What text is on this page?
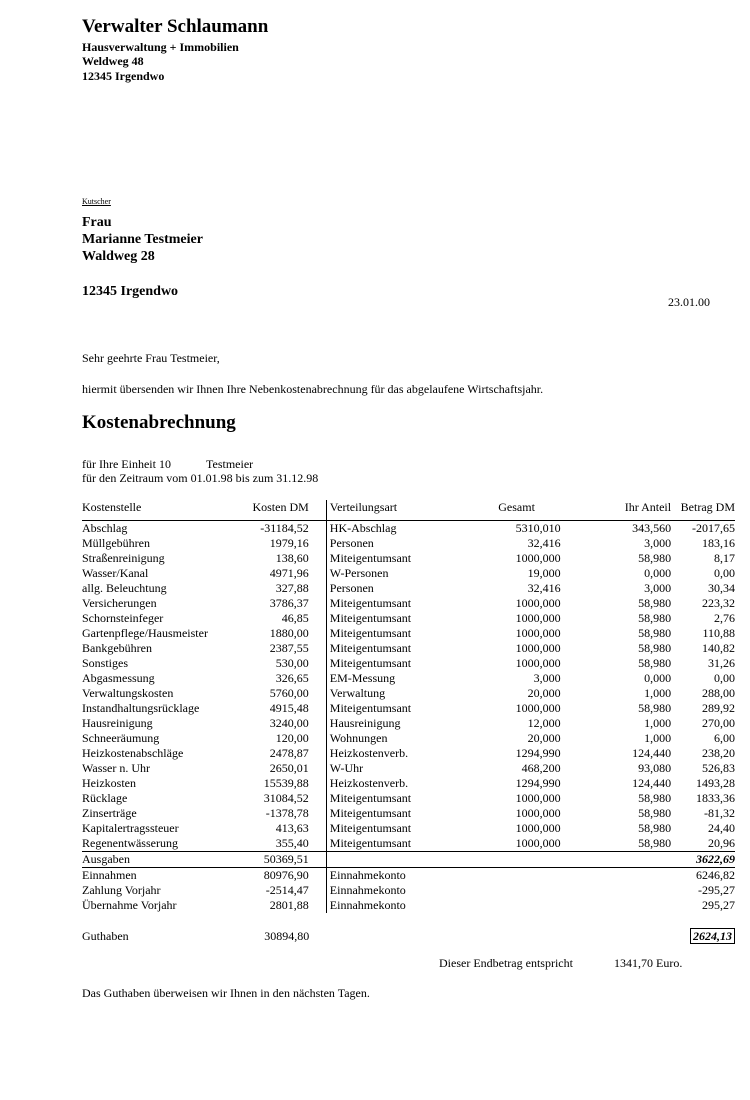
Verwalter Schlaumann
Hausverwaltung + Immobilien
Weldweg 48
12345 Irgendwo
Kutscher
Frau
Marianne Testmeier
Waldweg 28
12345 Irgendwo
23.01.00
Sehr geehrte Frau Testmeier,
hiermit übersenden wir Ihnen Ihre Nebenkostenabrechnung für das abgelaufene Wirtschaftsjahr.
Kostenabrechnung
für Ihre Einheit 10	Testmeier
für den Zeitraum vom 01.01.98 bis zum 31.12.98
Kostenstelle	Kosten DM	Verteilungsart	Gesamt	Ihr Anteil	Betrag DM
Abschlag	-31184,52	HK-Abschlag	5310,010	343,560	-2017,65
Müllgebühren	1979,16	Personen	32,416	3,000	183,16
Straßenreinigung	138,60	Miteigentumsant	1000,000	58,980	8,17
Wasser/Kanal	4971,96	W-Personen	19,000	0,000	0,00
allg. Beleuchtung	327,88	Personen	32,416	3,000	30,34
Versicherungen	3786,37	Miteigentumsant	1000,000	58,980	223,32
Schornsteinfeger	46,85	Miteigentumsant	1000,000	58,980	2,76
Gartenpflege/Hausmeister	1880,00	Miteigentumsant	1000,000	58,980	110,88
Bankgebühren	2387,55	Miteigentumsant	1000,000	58,980	140,82
Sonstiges	530,00	Miteigentumsant	1000,000	58,980	31,26
Abgasmessung	326,65	EM-Messung	3,000	0,000	0,00
Verwaltungskosten	5760,00	Verwaltung	20,000	1,000	288,00
Instandhaltungsrücklage	4915,48	Miteigentumsant	1000,000	58,980	289,92
Hausreinigung	3240,00	Hausreinigung	12,000	1,000	270,00
Schneeräumung	120,00	Wohnungen	20,000	1,000	6,00
Heizkostenabschläge	2478,87	Heizkostenverb.	1294,990	124,440	238,20
Wasser n. Uhr	2650,01	W-Uhr	468,200	93,080	526,83
Heizkosten	15539,88	Heizkostenverb.	1294,990	124,440	1493,28
Rücklage	31084,52	Miteigentumsant	1000,000	58,980	1833,36
Zinserträge	-1378,78	Miteigentumsant	1000,000	58,980	-81,32
Kapitalertragssteuer	413,63	Miteigentumsant	1000,000	58,980	24,40
Regenentwässerung	355,40	Miteigentumsant	1000,000	58,980	20,96
Ausgaben	50369,51				3622,69
Einnahmen	80976,90	Einnahmekonto			6246,82
Zahlung Vorjahr	-2514,47	Einnahmekonto			-295,27
Übernahme Vorjahr	2801,88	Einnahmekonto			295,27

Guthaben	30894,80				2624,13
Dieser Endbetrag entspricht	1341,70 Euro.
Das Guthaben überweisen wir Ihnen in den nächsten Tagen.
